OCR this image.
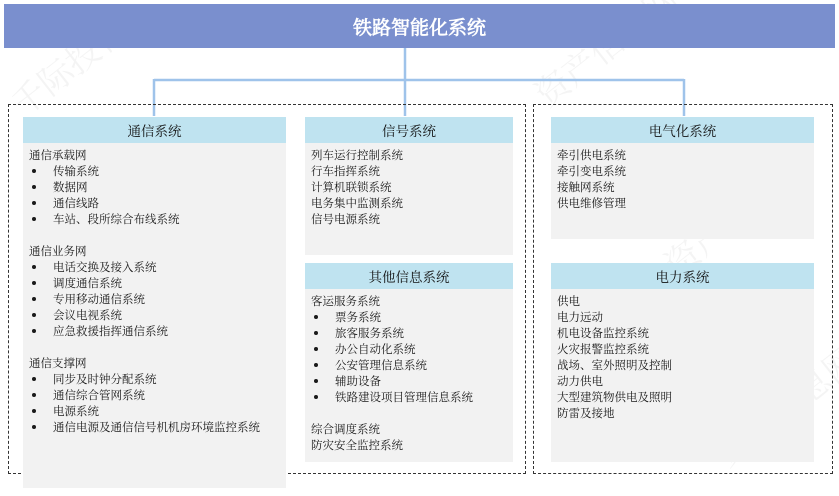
铁路智能化系统
通信系统
通信承载网
传输系统
数据网
通信线路
车站、段所综合布线系统
通信业务网
电话交换及接入系统
调度通信系统
专用移动通信系统
会议电视系统
应急救援指挥通信系统
通信支撑网
同步及时钟分配系统
通信综合管网系统
电源系统
通信电源及通信信号机机房环境监控系统
信号系统
列车运行控制系统
行车指挥系统
计算机联锁系统
电务集中监测系统
信号电源系统
其他信息系统
客运服务系统
票务系统
旅客服务系统
办公自动化系统
公安管理信息系统
辅助设备
铁路建设项目管理信息系统
综合调度系统
防灾安全监控系统
电气化系统
牵引供电系统
牵引变电系统
接触网系统
供电维修管理
电力系统
供电
电力远动
机电设备监控系统
火灾报警监控系统
战场、室外照明及控制
动力供电
大型建筑物供电及照明
防雷及接地
